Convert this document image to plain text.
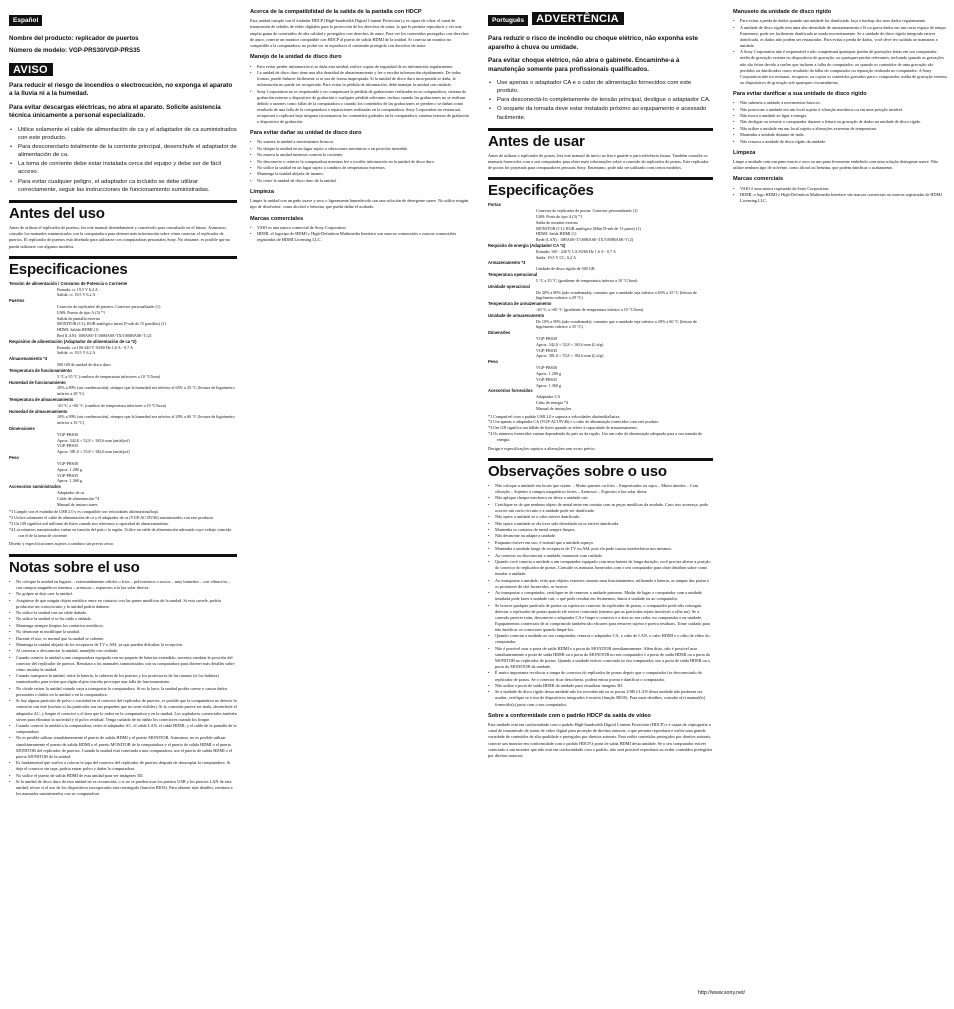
Español
Nombre del producto: replicador de puertos
Número de modelo: VGP-PRS30/VGP-PRS35
AVISO

Para reducir el riesgo de incendios o electrocución, no exponga el aparato a la lluvia ni a la humedad.

Para evitar descargas eléctricas, no abra el aparato. Solicite asistencia técnica únicamente a personal especializado.

• Utilice solamente el cable de alimentación de ca y el adaptador de ca suministrados con este producto.
• Para desconectarlo totalmente de la corriente principal, desenchufe el adaptador de alimentación de ca.
• La toma de corriente debe estar instalada cerca del equipo y debe ser de fácil acceso.
• Para evitar cualquier peligro, el adaptador ca incluido se debe utilizar correctamente, seguir las instrucciones de funcionamiento suministradas.
Antes del uso

Antes de utilizar el replicador de puertos, lea este manual detenidamente y consérvelo para consultarlo en el futuro. Asimismo, consulte los manuales suministrados con la computadora para obtener más información sobre cómo conectar el replicador de puertos. El replicador de puertos está diseñado para utilizarse con computadoras personales Sony. No obstante, es posible que no pueda utilizarse con algunos modelos.

Especificaciones
Tensión de alimentación / Consumo de Potencia o Corriente
Entrada: cc 19,5 V 6,2 A
Salida: cc 19,5 V 6,2 A
Puertos
Conector de replicador de puertos: Conector personalizado (1)
USB: Puerto de tipo A (3) *1
Salida de pantalla externa
MONITOR (C1): RGB analógico (mini D-sub de 15 pastillas) (1)
HDMI: Salida HDMI (1)
Red (LAN): 10BASE-T/100BASE-TX/1000BASE-T (2)
Requisitos de alimentación (Adaptador de alimentación de ca *2)
Entrada: ca 100-240 V 50/60 Hz 1,6 A - 0,7 A
Salida: cc 19,5 V 6,2 A
Almacenamiento *3
500 GB de unidad de disco duro
Temperatura de funcionamiento
5 °C a 35 °C (cambios de temperatura inferiores a 10 °C/hora)
Humedad de funcionamiento
20% a 80% (sin condensación), siempre que la humedad sea inferior al 65% a 35 °C (lectura de higrómetro inferior a 29 °C)
Temperatura de almacenamiento
-20 °C a +60 °C (cambios de temperatura inferiores a 10 °C/hora)
Humedad de almacenamiento
10% a 90% (sin condensación), siempre que la humedad sea inferior al 20% a 60 °C (lectura de higrómetro inferior a 35 °C)
Dimensiones
VGP-PRS30
Aprox. 342,0 × 52,8 × 165,6 mm (an/al/prf)
VGP-PRS35
Aprox. 381,0 × 55,8 × 182,6 mm (an/al/prf)
Peso
VGP-PRS30
Aprox. 1.280 g
VGP-PRS35
Aprox. 1.360 g
Accesorios suministrados
Adaptador de ca
Cable de alimentación *4
Manual de instrucciones
*1 Cumple con el estándar de USB 2.0 y es compatible con velocidades alta/máxima/baja.
*2 Utilice solamente el cable de alimentación de ca y el adaptador de ca (VGP-AC19V46) suministrados con este producto.
*3 Un GB significa mil millones de bytes cuando nos referimos a capacidad de almacenamiento.
*4 Los números suministrados varían en función del país o la región. Utilice un cable de alimentación adecuado cuyo voltaje coincida con el de la toma de corriente.

Diseño y especificaciones sujetos a cambios sin previo aviso.

Notas sobre el uso
• No coloque la unidad en lugares – extremadamente cálidos o fríos – polvorientos o sucios – muy húmedos – con vibración – con campos magnéticos intensos – arenosos – expuestos a la luz solar directa
• No golpee ni deje caer la unidad.
• Asegúrese de que ningún objeto metálico entre en contacto con las partes metálicas de la unidad. Si esto sucede, podría producirse un cortocircuito y la unidad podría dañarse.
• No utilice la unidad con un cable dañado.
• No utilice la unidad si se ha caído o dañado.
• Mantenga siempre limpios los contactos metálicos.
• No desmonte ni modifique la unidad.
• Durante el uso, es normal que la unidad se caliente.
• Mantenga la unidad alejada de los receptores de TV o AM, ya que pueden dificultar la recepción.
• Al conectar o desconectar la unidad, manéjela con cuidado.
• Cuando conecte la unidad a una computadora equipada con un paquete de baterías extendido, necesita cambiar la posición del conector del replicador de puertos. Remítase a los manuales suministrados con su computadora para obtener más detalles sobre cómo instalar la unidad.
• Cuando transporte la unidad, retire la batería, la cubierta de los puertos y los protectores de las ranuras (si los hubiera) suministrados para evitar que algún objeto extraño provoque una falla de funcionamiento.
• No olvide retirar la unidad cuando vaya a transportar la computadora. Si no lo hace, la unidad podría caerse y causar daños personales o daños en la unidad o en la computadora.
• Si hay alguna partícula de polvo o suciedad en el conector del replicador de puertos, es posible que la computadora no detecte la conexión con éste (incluso si las partículas son tan pequeñas que no sean visibles). Si la conexión parece ser mala, desenchufe el adaptador AC, y limpie el conector y el área que lo rodea en la computadora y en la unidad. Los sopladores comerciales también sirven para eliminar la suciedad y el polvo residual. Tenga cuidado de no dañar los conectores cuando los limpie.
• Cuando conecte la unidad a la computadora, retire el adaptador AC, el cable LAN, el cable HDMI, y el cable de la pantalla de la computadora.
• No es posible utilizar simultáneamente el puerto de salida HDMI y el puerto MONITOR. Asimismo, no es posible utilizar simultáneamente el puerto de salida HDMI o el puerto MONITOR de la computadora y el puerto de salida HDMI o el puerto MONITOR del replicador de puertos. Cuando la unidad está conectada a una computadora, use el puerto de salida HDMI o el puerto MONITOR de la unidad.
• Es fundamental que vuelva a colocar la tapa del conector del replicador de puertos después de desacoplar la computadora. Si deja el conector sin tapa, podría entrar polvo y dañar la computadora.
• No utilice el puerto de salida HDMI de esta unidad para ver imágenes 3D.
• Si la unidad de disco duro de esta unidad no es reconocida, o si no se pueden usar los puertos USB y los puertos LAN de esta unidad, revise si el uso de los dispositivos incorporados está restringido (función BIOS). Para obtener más detalles, remítase a los manuales suministrados con su computadora.
Acerca de la compatibilidad de la salida de la pantalla con HDCP

Esta unidad cumple con el estándar HDCP (High-bandwidth Digital Content Protection) y es capaz de cifrar el canal de transmisión de señales de vídeo digitales para la protección de los derechos de autor, lo que le permite reproducir y ver una amplia gama de contenidos de alta calidad y protegidos con derechos de autor. Para ver los contenidos protegidos con derechos de autor, conecte un monitor compatible con HDCP al puerto de salida HDMI de la unidad. Si conecta un monitor no compatible a la computadora, no podrá ver ni reproducir el contenido protegido con derechos de autor.

Manejo de la unidad de disco duro
• Para evitar perder información si se daña esta unidad, realice copias de seguridad de su información regularmente.
• La unidad de disco duro tiene una alta densidad de almacenamiento y lee o escribe información rápidamente. De todas formas, puede dañarse fácilmente si se usa de forma inapropiada. Si la unidad de disco duro incorporada se daña, la información no puede ser recuperada. Para evitar la pérdida de información, debe manejar la unidad con cuidado.
• Sony Corporation no es responsable y no compensará la pérdida de grabaciones realizadas en su computadora, sistema de grabación externo o dispositivo de grabación o cualquier pérdida relevante, incluso cuando las grabaciones no se realizan debido a razones como fallas de la computadora o cuando los contenidos de las grabaciones se pierden o se dañan como resultado de una falla de la computadora o reparaciones realizadas en la computadora. Sony Corporation no restaurará, recuperará o replicará bajo ninguna circunstancia los contenidos grabados en la computadora, sistema externo de grabación o dispositivo de grabación.
Para evitar dañar su unidad de disco duro
• No someta la unidad a movimientos bruscos.
• No ubique la unidad en un lugar sujeto a vibraciones mecánicas o en posición inestable.
• No mueva la unidad mientras conecta la corriente.
• No desconecte o reinicie la computadora mientras lee o escribe información en la unidad de disco duro.
• No utilice la unidad en un lugar sujeto a cambios de temperatura extremos.
• Mantenga la unidad alejada de imanes.
• No retire la unidad de disco duro de la unidad.
Limpieza

Limpie la unidad con un paño suave y seco o ligeramente humedecido con una solución de detergente suave. No utilice ningún tipo de disolvente, como alcohol o bencina, que pueda dañar el acabado.

Marcas comerciales
• VAIO es una marca comercial de Sony Corporation.
• HDMI, el logotipo de HDMI y High-Definition Multimedia Interface son marcas comerciales o marcas comerciales registradas de HDMI Licensing LLC.
Português ADVERTÊNCIA

Para reduzir o risco de incêndio ou choque elétrico, não exponha este aparelho à chuva ou umidade.

Para evitar choque elétrico, não abra o gabinete. Encaminhe-a à manutenção somente para profissionais qualificados.

• Use apenas o adaptador CA e o cabo de alimentação fornecidos com este produto.
• Para desconectá-lo completamente de tensão principal, desligue o adaptador CA.
• O soquete da tomada deve estar instalado próximo ao equipamento e acessado facilmente.
Antes de usar

Antes de utilizar o replicador de portas, leia este manual de início ao fim e guarde-o para referência futura. Também consulte os manuais fornecidos com o seu computador para obter mais informações sobre a conexão do replicador de portas. Este replicador de portas foi projetado para computadores pessoais Sony. Entretanto, pode não ser utilizado com certos modelos.

Especificações
Portas
Conector do replicador de portas: Conector personalizado (1)
USB: Porta do tipo A (3) *1
Saída do monitor externo
MONITOR (C1): RGB analógico (Mini D-sub de 15 pinos) (1)
HDMI: Saída HDMI (1)
Rede (LAN) : 10BASE-T/100BASE-TX/1000BASE-T (2)
Requisito de energia (Adaptador CA *2)
Entrada: 100 - 240 V CA 50/60 Hz 1,6 A - 0,7 A
Saída: 19,5 V CC, 6,2 A
Armazenamento *3
Unidade de disco rígido de 500 GB
Temperatura operacional
5 °C a 35 °C (gradiente de temperatura inferior a 10 °C/hora)
Umidade operacional
De 20% a 80% (não-condensada), contanto que a umidade seja inferior a 65% a 35 °C (leitura de higrômetro inferior a 29 °C)
Temperatura de armazenamento
-20 °C a +60 °C (gradiente de temperatura inferior a 10 °C/hora)
Umidade de armazenamento
De 10% a 90% (não-condensada), contanto que a umidade seja inferior a 20% a 60 °C (leitura de higrômetro inferior a 35 °C)
Dimensões
VGP-PRS30
Aprox. 342,0 × 52,8 × 165,6 mm (L/a/p)
VGP-PRS35
Aprox. 381,0 × 55,8 × 182,6 mm (L/a/p)
Peso
VGP-PRS30
Aprox. 1.280 g
VGP-PRS35
Aprox. 1.360 g
Acessórios fornecidos
Adaptador CA
Cabo de energia *4
Manual de instruções
*1 Compatível com o padrão USB 2.0 e suporta a velocidades alta/média/baixa.
*2 Use apenas o adaptador CA (VGP-AC19V46) e o cabo de alimentação fornecidos com este produto.
*3 Um GB significa um bilhão de bytes quando se refere à capacidade de armazenamento.
*4 Os números fornecidos variam dependendo do país ou da região. Use um cabo de alimentação adequado para a sua tomada de energia.

Design e especificações sujeitos a alterações sem aviso prévio.

Observações sobre o uso
• Não coloque a unidade em locais que sejam: – Muito quentes ou frios – Empoeirados ou sujos – Muito úmidos – Com vibração – Sujeitos a campos magnéticos fortes – Arenosos – Expostos à luz solar direta
• Não aplique choque mecânico ou deixe a unidade cair.
• Certifique-se de que nenhum objeto de metal entre em contato com as peças metálicas da unidade. Caso isso aconteça, pode ocorrer um curto-circuito e a unidade pode ser danificada.
• Não opere a unidade se o cabo estiver danificado.
• Não opere a unidade se ela tiver sido derrubada ou se estiver danificada.
• Mantenha os contatos de metal sempre limpos.
• Não desmonte ou adapte a unidade.
• Enquanto estiver em uso, é normal que a unidade aqueça.
• Mantenha a unidade longe de receptores de TV ou AM, pois ela pode causar interferência nos mesmos.
• Ao conectar ou desconectar a unidade, manuseie com cuidado.
• Quando você conecta a unidade a um computador equipado com uma bateria de longa duração, você precisa alterar a posição do conector do replicador de portas. Consulte os manuais fornecidos com o seu computador para obter detalhes sobre como instalar a unidade.
• Ao transportar a unidade, evite que objetos externos causem mau funcionamento, utilizando a bateria, as tampas das portas e os protetores de slot fornecidos, se houver.
• Ao transportar o computador, certifique-se de remover a unidade primeiro. Mudar de lugar o computador com a unidade instalada pode fazer a unidade cair, o que pode resultar em ferimentos, danos à unidade ou ao computador.
• Se houver qualquer partícula de poeira ou sujeira no conector do replicador de portas, o computador pode não conseguir detectar o replicador de portas quando ele estiver conectado (mesmo que as partículas sejam invisíveis a olho nu). Se a conexão parecer ruim, desconecte o adaptador CA e limpe o conector e a área ao seu redor, no computador e na unidade. Equipamentos comerciais de ar comprimido também são eficazes para remover sujeira e poeira residuais. Tome cuidado para não danificar os conectores quando limpá-los.
• Quando conectar a unidade ao seu computador, remova o adaptador CA, o cabo de LAN, o cabo HDMI e o cabo de vídeo do computador.
• Não é possível usar a porta de saída HDMI e a porta do MONITOR simultaneamente. Além disto, não é possível usar simultaneamente a porta de saída HDMI ou a porta do MONITOR no seu computador e a porta de saída HDMI ou a porta do MONITOR no replicador de portas. Quando a unidade estiver conectada ao seu computador, use a porta de saída HDMI ou a porta do MONITOR da unidade.
• É muito importante recolocar a tampa do conector do replicador de portas depois que o computador for desconectado do replicador de portas. Se o conector ficar descoberto, poderá entrar poeira e danificar o computador.
• Não utilize a porta de saída HDMI da unidade para visualizar imagens 3D.
• Se a unidade de disco rígido dessa unidade não for reconhecida ou as portas USB e LAN dessa unidade não puderem ser usadas, verifique se o uso de dispositivos integrados é restrito (função BIOS). Para mais detalhes, consulte o(s) manual(is) fornecido(s) junto com o seu computador.
Sobre a conformidade com o padrão HDCP da saída de vídeo

Esta unidade está em conformidade com o padrão High-bandwidth Digital Content Protection (HDCP) e é capaz de criptografar o canal de transmissão de sinais de vídeo digital para proteção de direitos autorais, o que permite reproduzir e exibir uma grande variedade de conteúdos de alta qualidade e protegidos por direitos autorais. Para exibir conteúdos protegidos por direitos autorais, conecte um monitor em conformidade com o padrão HDCP à porta de saída HDMI desta unidade. Se o seu computador estiver conectado a um monitor que não está em conformidade com o padrão, não será possível reproduzir ou exibir conteúdos protegidos por direitos autorais.

Manuseio da unidade de disco rígido
• Para evitar a perda de dados quando sua unidade for danificada, faça o backup dos seus dados regularmente.
• A unidade de disco rígido tem uma alta densidade de armazenamento e lê ou grava dados em um curto espaço de tempo. Entretanto, pode ser facilmente danificada se usada incorretamente. Se a unidade de disco rígido integrada estiver danificada, os dados não podem ser restaurados. Para evitar a perda de dados, você deve ter cuidado ao manusear a unidade.
• A Sony Corporation não é responsável e não compensará quaisquer perdas de gravações feitas em seu computador, mídia de gravação externa ou dispositivos de gravação, ou quaisquer perdas relevantes, incluindo quando as gravações não são feitas devido a razões que incluem a falha do computador, ou quando os conteúdos de uma gravação são perdidos ou danificados como resultado da falha do computador ou reparação realizada no computador. A Sony Corporation não irá restaurar, recuperar, ou copiar os conteúdos gravados para o computador, mídia de gravação externa, ou dispositivos de gravação sob quaisquer circunstâncias.
Para evitar danificar a sua unidade de disco rígido
• Não submeta a unidade a movimentos bruscos.
• Não posicione a unidade em um local sujeito à vibração mecânica ou em uma posição instável.
• Não mova a unidade ao ligar a energia.
• Não desligue ou reinicie o computador durante a leitura ou gravação de dados na unidade de disco rígido.
• Não utilize a unidade em um local sujeito a alterações extremas de temperatura.
• Mantenha a unidade distante de imãs.
• Não remova a unidade de disco rígido da unidade.
Limpeza

Limpe a unidade com um pano macio e seco ou um pano levemente embebido com uma solução detergente suave. Não utilize nenhum tipo de solvente, como álcool ou benzina, que podem danificar o acabamento.

Marcas comerciais
• VAIO é uma marca registrada da Sony Corporation.
• HDMI, o logo HDMI e High-Definition Multimedia Interface são marcas comerciais ou marcas registradas de HDMI Licensing LLC.
http://www.sony.net/
